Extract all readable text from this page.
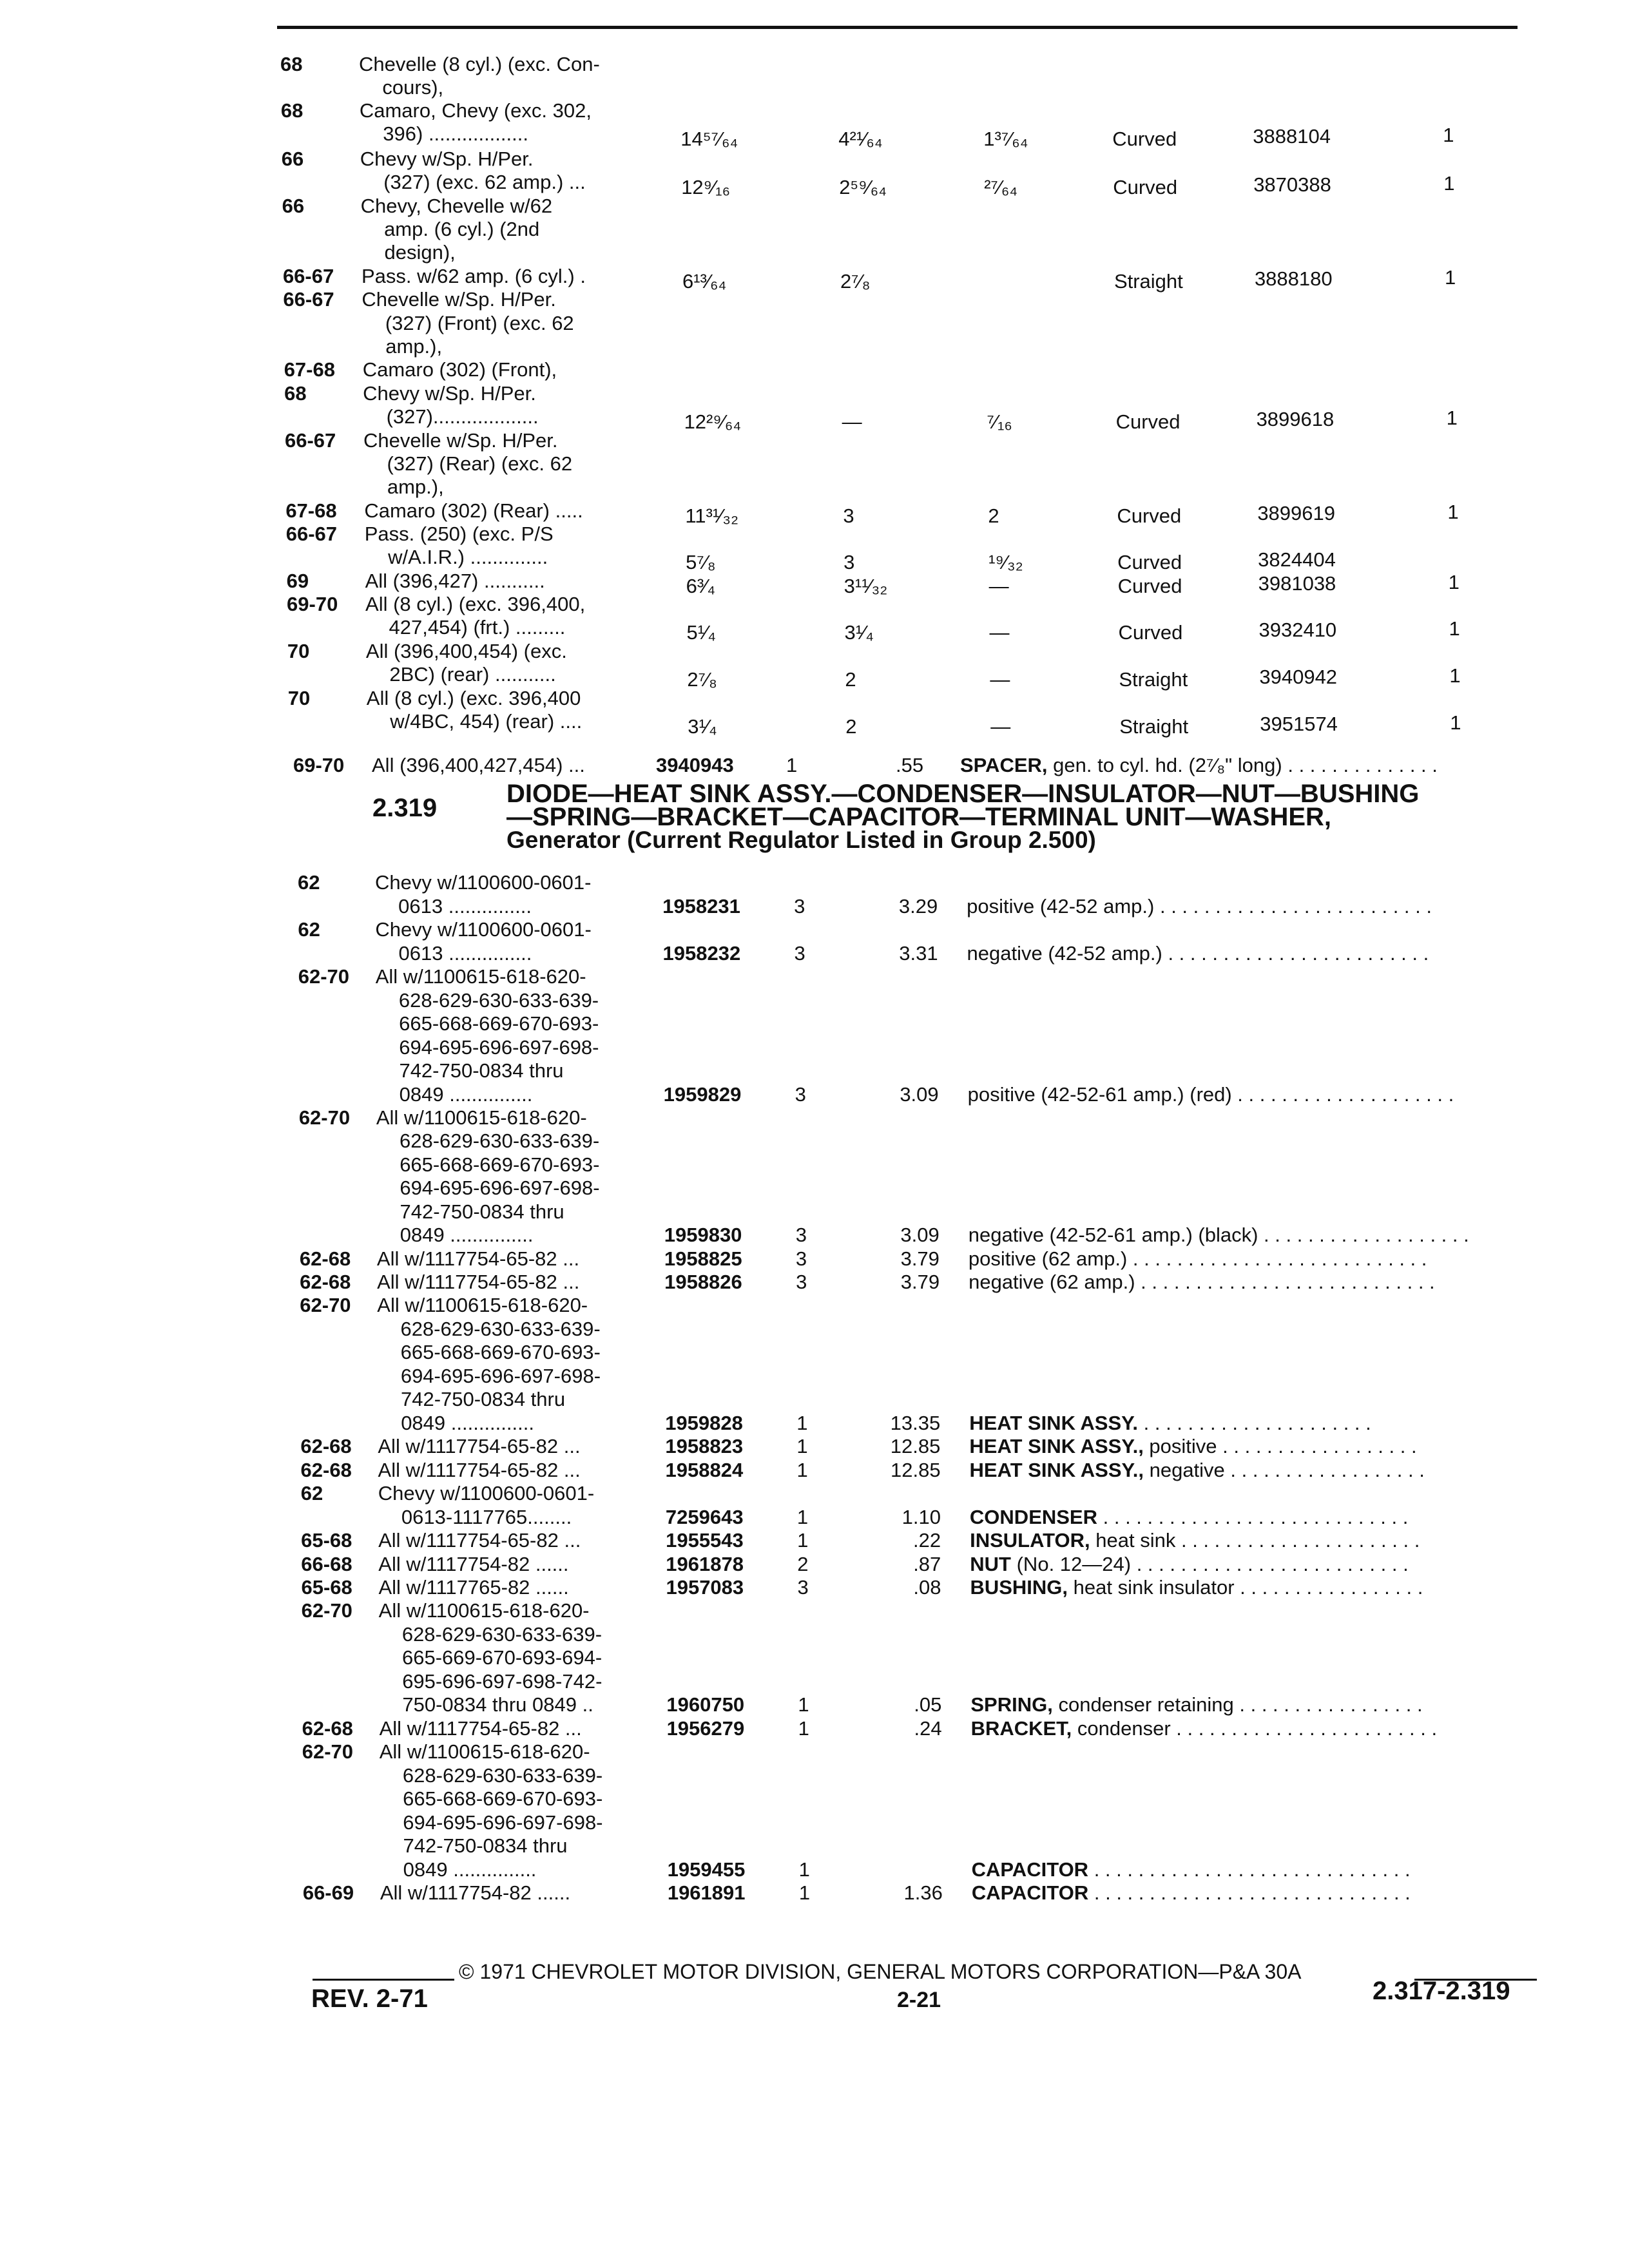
68	Chevelle (8 cyl.) (exc. Con-
cours),
68	Camaro, Chevy (exc. 302,
396) ..................	14⁵⁷⁄₆₄	4²¹⁄₆₄	1³⁷⁄₆₄	Curved	3888104	1
66	Chevy w/Sp. H/Per.
(327) (exc. 62 amp.) ...	12⁹⁄₁₆	2⁵⁹⁄₆₄	²⁷⁄₆₄	Curved	3870388	1
66	Chevy, Chevelle w/62
amp. (6 cyl.) (2nd
design),
66-67 Pass. w/62 amp. (6 cyl.) .	6¹³⁄₆₄	2⁷⁄₈	Straight	3888180	1
66-67 Chevelle w/Sp. H/Per.
(327) (Front) (exc. 62
amp.),
67-68 Camaro (302) (Front),
68	Chevy w/Sp. H/Per.
(327)...................	12²⁹⁄₆₄	—	⁷⁄₁₆	Curved	3899618	1
66-67 Chevelle w/Sp. H/Per.
(327) (Rear) (exc. 62
amp.),
67-68 Camaro (302) (Rear) .....	11³¹⁄₃₂	3	2	Curved	3899619	1
66-67 Pass. (250) (exc. P/S
w/A.I.R.) ..............	5⁷⁄₈	3	¹⁹⁄₃₂	Curved	3824404
69	All (396,427) ...........	6³⁄₄	3¹¹⁄₃₂	—	Curved	3981038	1
69-70 All (8 cyl.) (exc. 396,400,
427,454) (frt.) .........	5¹⁄₄	3¹⁄₄	—	Curved	3932410	1
70	All (396,400,454) (exc.
2BC) (rear) ...........	2⁷⁄₈	2	—	Straight	3940942	1
70	All (8 cyl.) (exc. 396,400
w/4BC, 454) (rear) ....	3¹⁄₄	2	—	Straight	3951574	1
62	Chevy w/1100600-0601-
0613 ...............	1958231	3	3.29 positive (42-52 amp.) . . . . . . . . . . . . . . . . . . . . . . . . .
62	Chevy w/1100600-0601-
0613 ...............	1958232	3	3.31 negative (42-52 amp.) . . . . . . . . . . . . . . . . . . . . . . . .
62-70 All w/1100615-618-620-
628-629-630-633-639-
665-668-669-670-693-
694-695-696-697-698-
742-750-0834 thru
0849 ...............	1959829	3	3.09 positive (42-52-61 amp.) (red) . . . . . . . . . . . . . . . . . . . .
62-70 All w/1100615-618-620-
628-629-630-633-639-
665-668-669-670-693-
694-695-696-697-698-
742-750-0834 thru
0849 ...............	1959830	3	3.09 negative (42-52-61 amp.) (black) . . . . . . . . . . . . . . . . . . .
62-68 All w/1117754-65-82 ...	1958825	3	3.79 positive (62 amp.) . . . . . . . . . . . . . . . . . . . . . . . . . . .
62-68 All w/1117754-65-82 ...	1958826	3	3.79 negative (62 amp.) . . . . . . . . . . . . . . . . . . . . . . . . . . .
62-70 All w/1100615-618-620-
628-629-630-633-639-
665-668-669-670-693-
694-695-696-697-698-
742-750-0834 thru
0849 ...............	1959828	1	13.35 HEAT SINK ASSY. . . . . . . . . . . . . . . . . . . . . .
62-68 All w/1117754-65-82 ...	1958823	1	12.85 HEAT SINK ASSY., positive . . . . . . . . . . . . . . . . . .
62-68 All w/1117754-65-82 ...	1958824	1	12.85 HEAT SINK ASSY., negative . . . . . . . . . . . . . . . . . .
62	Chevy w/1100600-0601-
0613-1117765........	7259643	1	1.10 CONDENSER . . . . . . . . . . . . . . . . . . . . . . . . . . . .
65-68 All w/1117754-65-82 ...	1955543	1	.22 INSULATOR, heat sink . . . . . . . . . . . . . . . . . . . . . .
66-68 All w/1117754-82 ......	1961878	2	.87 NUT (No. 12—24) . . . . . . . . . . . . . . . . . . . . . . . . .
65-68 All w/1117765-82 ......	1957083	3	.08 BUSHING, heat sink insulator . . . . . . . . . . . . . . . . .
62-70 All w/1100615-618-620-
628-629-630-633-639-
665-669-670-693-694-
695-696-697-698-742-
750-0834 thru 0849 ..	1960750	1	.05 SPRING, condenser retaining . . . . . . . . . . . . . . . . .
62-68 All w/1117754-65-82 ...	1956279	1	.24 BRACKET, condenser . . . . . . . . . . . . . . . . . . . . . . . .
62-70 All w/1100615-618-620-
628-629-630-633-639-
665-668-669-670-693-
694-695-696-697-698-
742-750-0834 thru
0849 ...............	1959455	1	CAPACITOR . . . . . . . . . . . . . . . . . . . . . . . . . . . . .
66-69 All w/1117754-82 ......	1961891	1	1.36 CAPACITOR . . . . . . . . . . . . . . . . . . . . . . . . . . . . .
69-70 All (396,400,427,454) ...	3940943	1	.55 SPACER, gen. to cyl. hd. (2⁷⁄₈" long) . . . . . . . . . . . . . .
2.319	DIODE—HEAT SINK ASSY.—CONDENSER—INSULATOR—NUT—BUSHING
—SPRING—BRACKET—CAPACITOR—TERMINAL UNIT—WASHER,
Generator (Current Regulator Listed in Group 2.500)
© 1971 CHEVROLET MOTOR DIVISION, GENERAL MOTORS CORPORATION—P&A 30A
REV. 2-71	2-21	2.317-2.319
